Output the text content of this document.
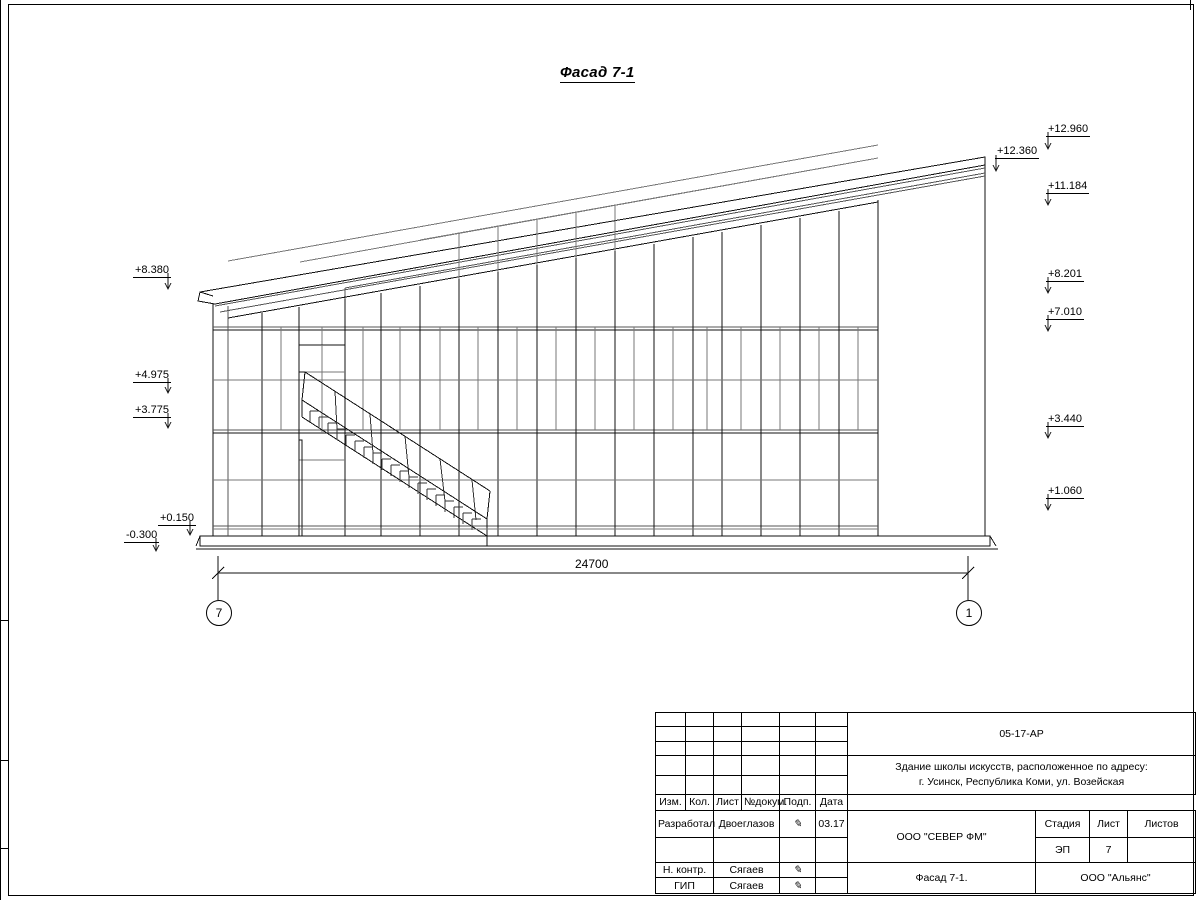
Фасад 7-1
+8.380
+4.975
+3.775
+0.150
-0.300
+12.960
+12.360
+11.184
+8.201
+7.010
+3.440
+1.060
24700
7	1
						05-17-АР			

						Здание школы искусств, расположенное по адресу:
г. Усинск, Республика Коми, ул. Возейская			

Изм.	Кол.	Лист	№докум.	Подп.	Дата				
Разработал		Двоеглазов		✎	03.17	ООО "СЕВЕР ФМ"	Стадия	Лист	Листов
							ЭП	7	
Н. контр.		Сягаев		✎		Фасад 7-1.	ООО "Альянс"		
ГИП		Сягаев		✎					
